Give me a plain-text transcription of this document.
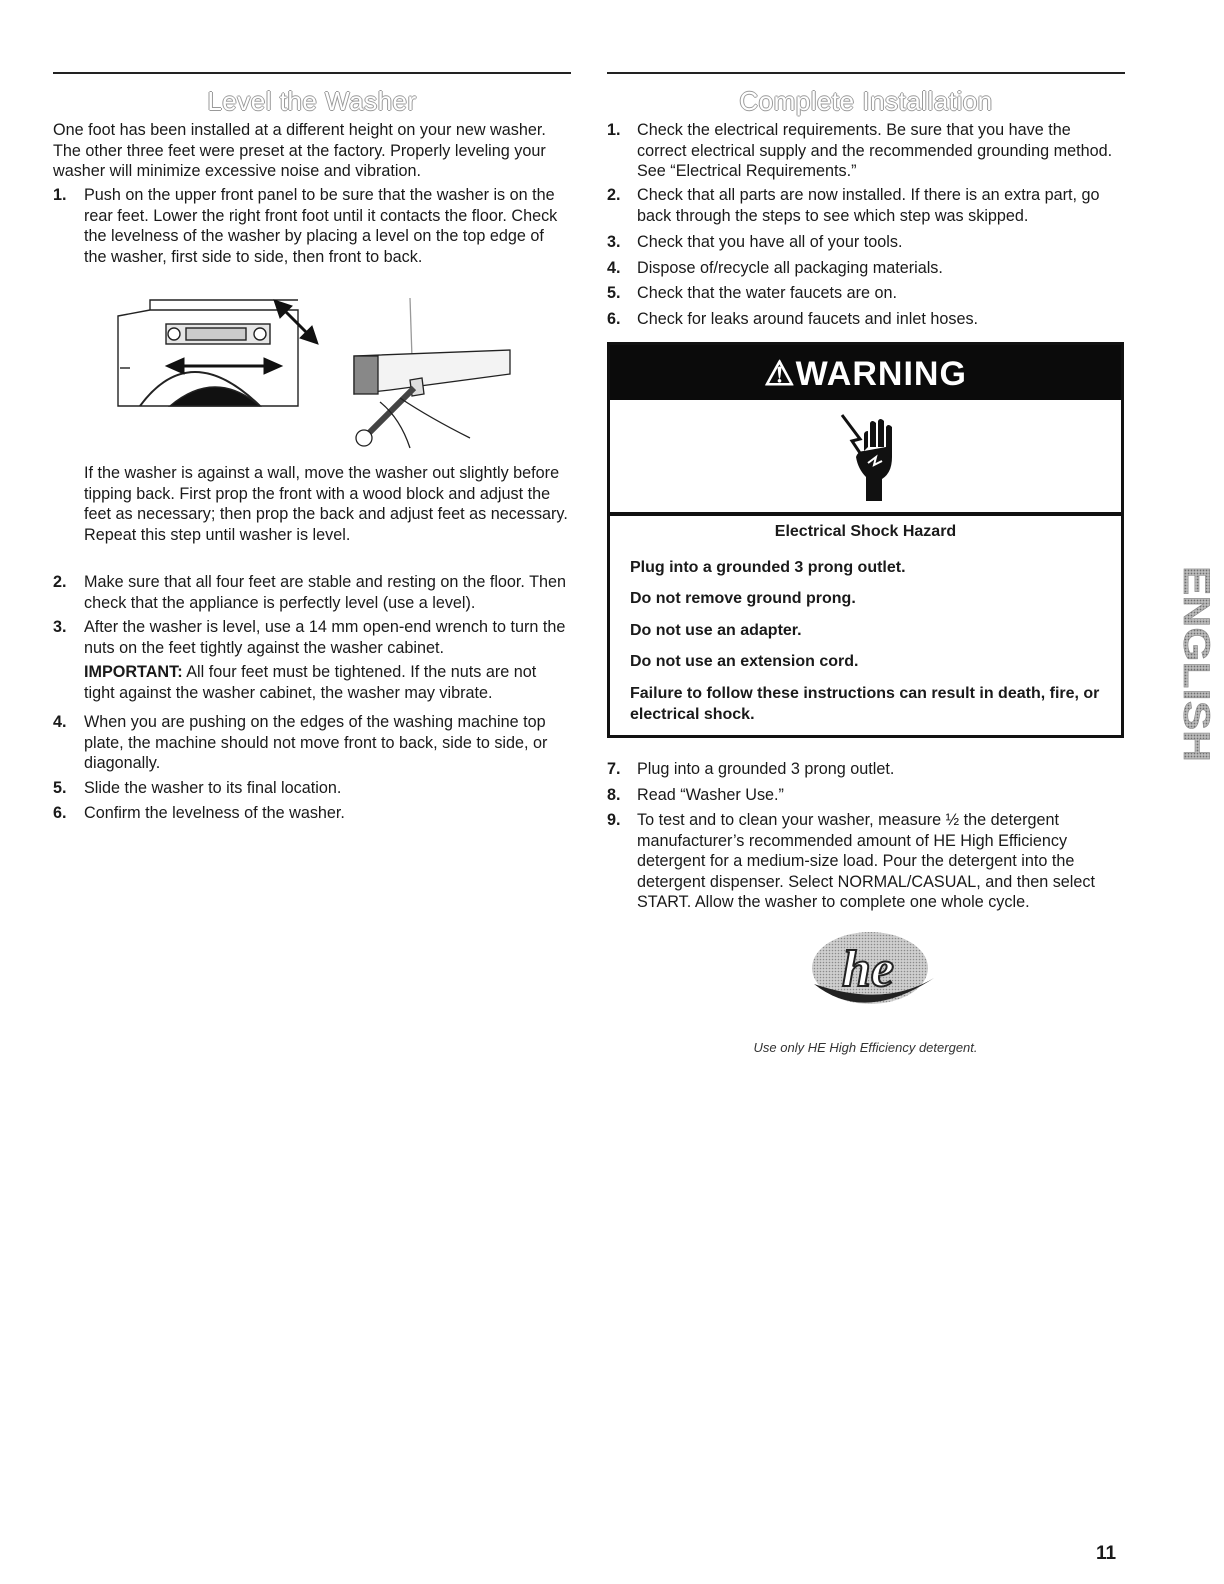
Level the Washer
One foot has been installed at a different height on your new washer. The other three feet were preset at the factory. Properly leveling your washer will minimize excessive noise and vibration.
1. Push on the upper front panel to be sure that the washer is on the rear feet. Lower the right front foot until it contacts the floor. Check the levelness of the washer by placing a level on the top edge of the washer, first side to side, then front to back.
If the washer is against a wall, move the washer out slightly before tipping back. First prop the front with a wood block and adjust the feet as necessary; then prop the back and adjust feet as necessary. Repeat this step until washer is level.
2. Make sure that all four feet are stable and resting on the floor. Then check that the appliance is perfectly level (use a level).
3. After the washer is level, use a 14 mm open-end wrench to turn the nuts on the feet tightly against the washer cabinet.
IMPORTANT: All four feet must be tightened. If the nuts are not tight against the washer cabinet, the washer may vibrate.
4. When you are pushing on the edges of the washing machine top plate, the machine should not move front to back, side to side, or diagonally.
5. Slide the washer to its final location.
6. Confirm the levelness of the washer.
Complete Installation
1. Check the electrical requirements. Be sure that you have the correct electrical supply and the recommended grounding method. See “Electrical Requirements.”
2. Check that all parts are now installed. If there is an extra part, go back through the steps to see which step was skipped.
3. Check that you have all of your tools.
4. Dispose of/recycle all packaging materials.
5. Check that the water faucets are on.
6. Check for leaks around faucets and inlet hoses.
⚠WARNING
Electrical Shock Hazard
Plug into a grounded 3 prong outlet.
Do not remove ground prong.
Do not use an adapter.
Do not use an extension cord.
Failure to follow these instructions can result in death, fire, or electrical shock.
7. Plug into a grounded 3 prong outlet.
8. Read “Washer Use.”
9. To test and to clean your washer, measure ½ the detergent manufacturer’s recommended amount of HE High Efficiency detergent for a medium-size load. Pour the detergent into the detergent dispenser. Select NORMAL/CASUAL, and then select START. Allow the washer to complete one whole cycle.
he
Use only HE High Efficiency detergent.
ENGLISH
11
